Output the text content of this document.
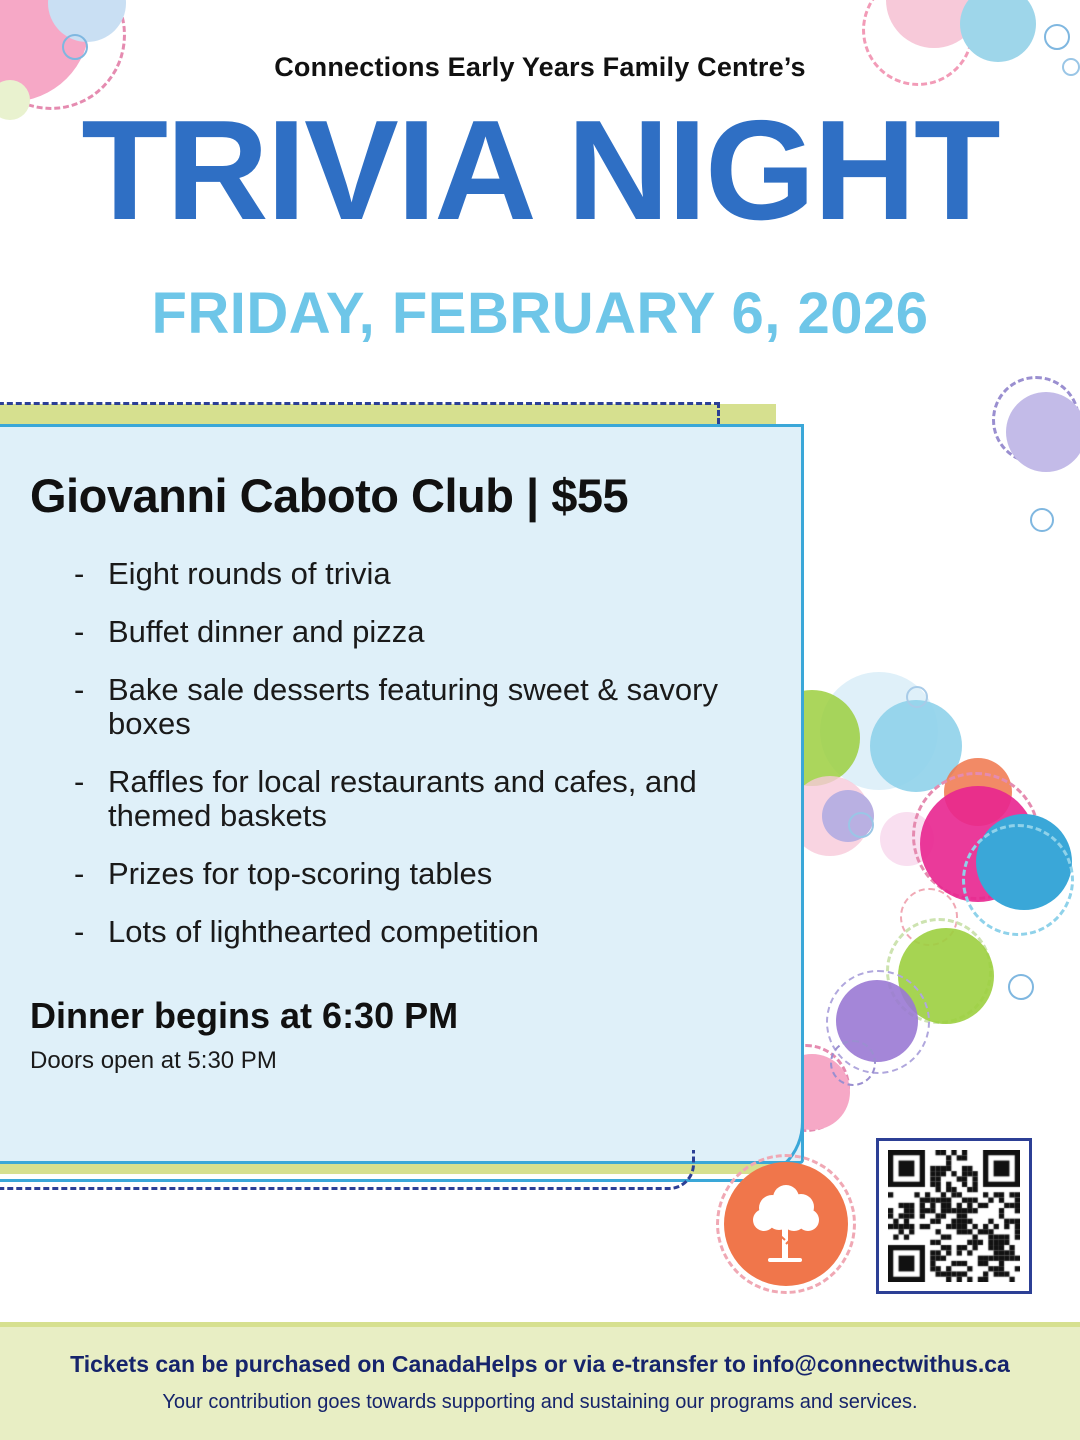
Connections Early Years Family Centre’s
TRIVIA NIGHT
FRIDAY, FEBRUARY 6, 2026
Giovanni Caboto Club | $55
- Eight rounds of trivia
- Buffet dinner and pizza
- Bake sale desserts featuring sweet & savory boxes
- Raffles for local restaurants and cafes, and themed baskets
- Prizes for top-scoring tables
- Lots of lighthearted competition
Dinner begins at 6:30 PM
Doors open at 5:30 PM
Tickets can be purchased on CanadaHelps or via e-transfer to info@connectwithus.ca
Your contribution goes towards supporting and sustaining our programs and services.
